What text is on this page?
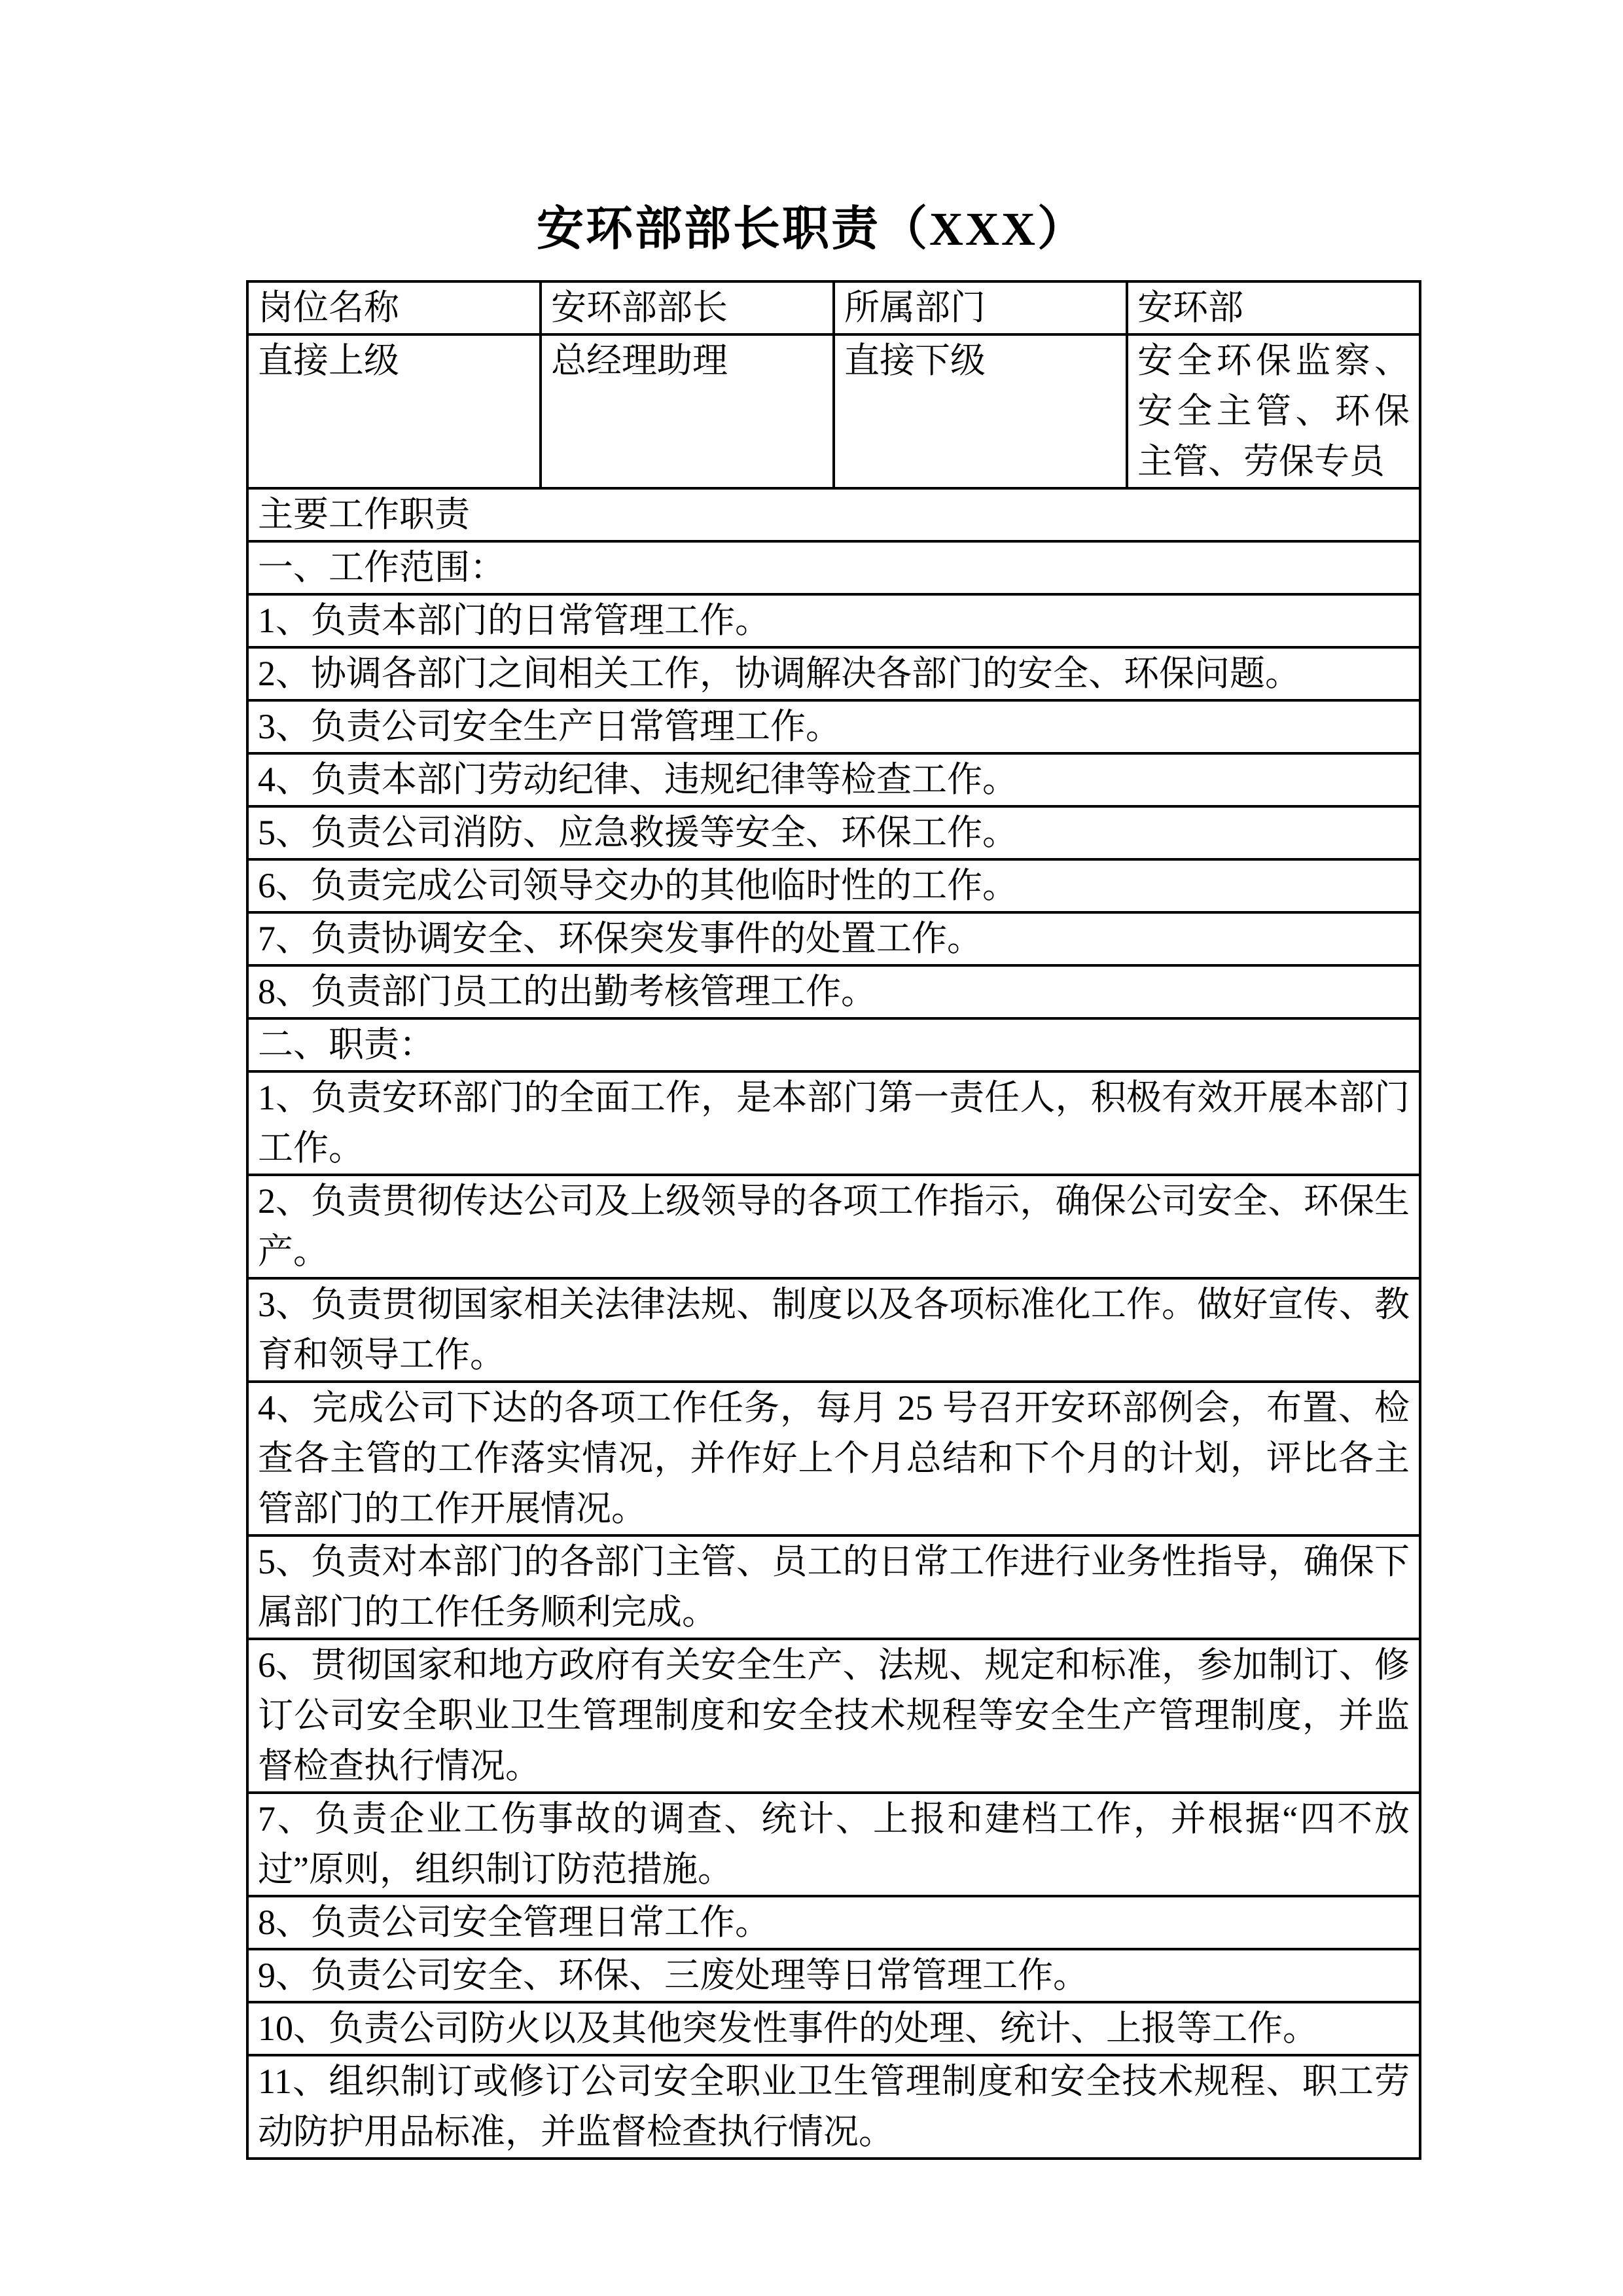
安环部部长职责（XXX）
岗位名称	安环部部长	所属部门	安环部
直接上级	总经理助理	直接下级	安全环保监察、安全主管、环保主管、劳保专员
主要工作职责			
一、工作范围：			
1、负责本部门的日常管理工作。			
2、协调各部门之间相关工作，协调解决各部门的安全、环保问题。			
3、负责公司安全生产日常管理工作。			
4、负责本部门劳动纪律、违规纪律等检查工作。			
5、负责公司消防、应急救援等安全、环保工作。			
6、负责完成公司领导交办的其他临时性的工作。			
7、负责协调安全、环保突发事件的处置工作。			
8、负责部门员工的出勤考核管理工作。			
二、职责：			
1、负责安环部门的全面工作，是本部门第一责任人，积极有效开展本部门工作。			
2、负责贯彻传达公司及上级领导的各项工作指示，确保公司安全、环保生产。			
3、负责贯彻国家相关法律法规、制度以及各项标准化工作。做好宣传、教育和领导工作。			
4、完成公司下达的各项工作任务，每月 25 号召开安环部例会，布置、检查各主管的工作落实情况，并作好上个月总结和下个月的计划，评比各主管部门的工作开展情况。			
5、负责对本部门的各部门主管、员工的日常工作进行业务性指导，确保下属部门的工作任务顺利完成。			
6、贯彻国家和地方政府有关安全生产、法规、规定和标准，参加制订、修订公司安全职业卫生管理制度和安全技术规程等安全生产管理制度，并监督检查执行情况。			
7、负责企业工伤事故的调查、统计、上报和建档工作，并根据“四不放过”原则，组织制订防范措施。			
8、负责公司安全管理日常工作。			
9、负责公司安全、环保、三废处理等日常管理工作。			
10、负责公司防火以及其他突发性事件的处理、统计、上报等工作。			
11、组织制订或修订公司安全职业卫生管理制度和安全技术规程、职工劳动防护用品标准，并监督检查执行情况。			
